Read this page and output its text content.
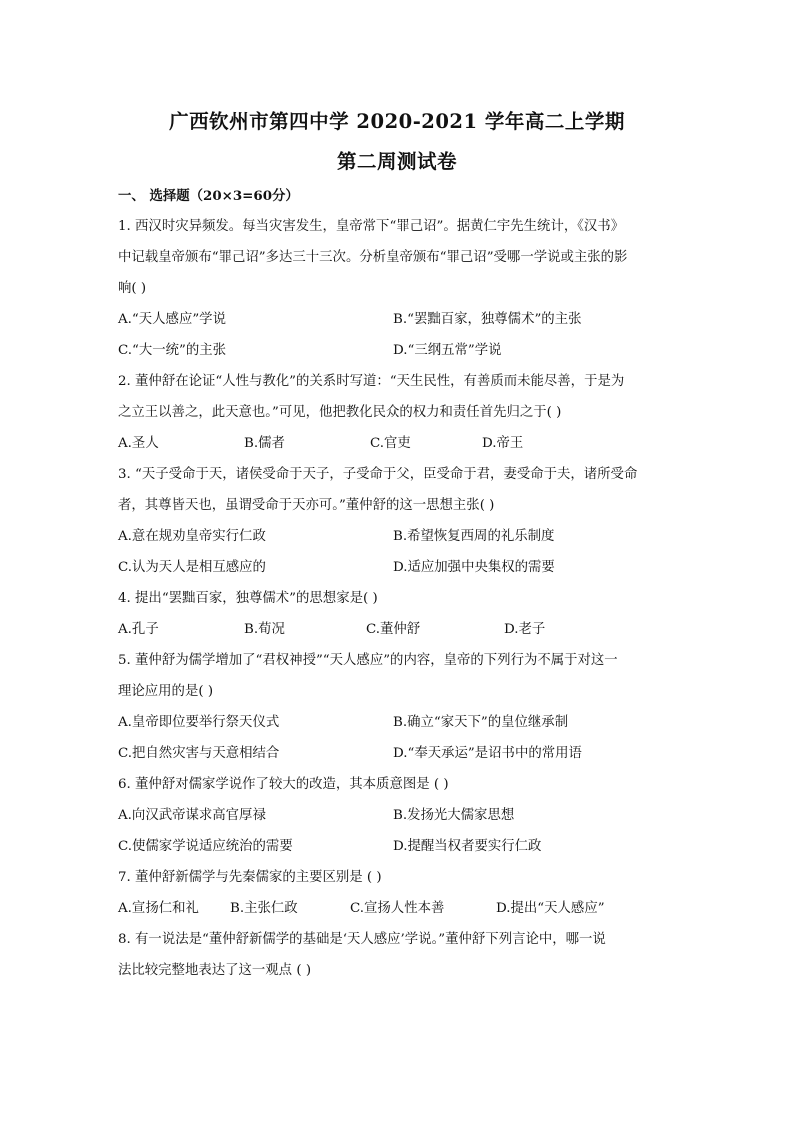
广西钦州市第四中学 2020-2021 学年高二上学期
第二周测试卷
一、 选择题（20×3=60分）
1. 西汉时灾异频发。每当灾害发生，皇帝常下“罪己诏”。据黄仁宇先生统计，《汉书》
中记载皇帝颁布“罪己诏”多达三十三次。分析皇帝颁布“罪己诏”受哪一学说或主张的影
响( )
A.“天人感应”学说	B.“罢黜百家，独尊儒术”的主张
C.“大一统”的主张	D.“三纲五常”学说
2. 董仲舒在论证“人性与教化”的关系时写道：“天生民性，有善质而未能尽善，于是为
之立王以善之，此天意也。”可见，他把教化民众的权力和责任首先归之于( )
A.圣人	B.儒者	C.官吏	D.帝王
3. “天子受命于天，诸侯受命于天子，子受命于父，臣受命于君，妻受命于夫，诸所受命
者，其尊皆天也，虽谓受命于天亦可。”董仲舒的这一思想主张( )
A.意在规劝皇帝实行仁政	B.希望恢复西周的礼乐制度
C.认为天人是相互感应的	D.适应加强中央集权的需要
4. 提出“罢黜百家，独尊儒术”的思想家是( )
A.孔子	B.荀况	C.董仲舒	D.老子
5. 董仲舒为儒学增加了“君权神授”“天人感应”的内容，皇帝的下列行为不属于对这一
理论应用的是( )
A.皇帝即位要举行祭天仪式	B.确立“家天下”的皇位继承制
C.把自然灾害与天意相结合	D.“奉天承运”是诏书中的常用语
6. 董仲舒对儒家学说作了较大的改造，其本质意图是 ( )
A.向汉武帝谋求高官厚禄	B.发扬光大儒家思想
C.使儒家学说适应统治的需要	D.提醒当权者要实行仁政
7. 董仲舒新儒学与先秦儒家的主要区别是 ( )
A.宣扬仁和礼 B.主张仁政	C.宣扬人性本善	D.提出“天人感应”
8. 有一说法是“董仲舒新儒学的基础是‘天人感应’学说。”董仲舒下列言论中，哪一说
法比较完整地表达了这一观点 ( )
